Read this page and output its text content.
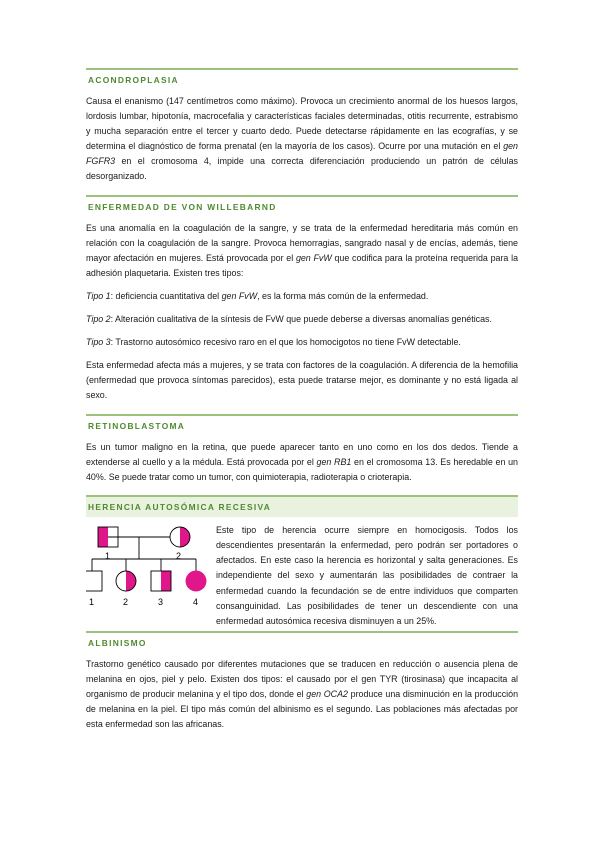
ACONDROPLASIA

Causa el enanismo (147 centímetros como máximo). Provoca un crecimiento anormal de los huesos largos, lordosis lumbar, hipotonía, macrocefalia y características faciales determinadas, otitis recurrente, estrabismo y mucha separación entre el tercer y cuarto dedo. Puede detectarse rápidamente en las ecografías, y se determina el diagnóstico de forma prenatal (en la mayoría de los casos). Ocurre por una mutación en el gen FGFR3 en el cromosoma 4, impide una correcta diferenciación produciendo un patrón de células desorganizado.

ENFERMEDAD DE VON WILLEBARND

Es una anomalía en la coagulación de la sangre, y se trata de la enfermedad hereditaria más común en relación con la coagulación de la sangre. Provoca hemorragias, sangrado nasal y de encías, además, tiene mayor afectación en mujeres. Está provocada por el gen FvW que codifica para la proteína requerida para la adhesión plaquetaria. Existen tres tipos:

Tipo 1: deficiencia cuantitativa del gen FvW, es la forma más común de la enfermedad.

Tipo 2: Alteración cualitativa de la síntesis de FvW que puede deberse a diversas anomalías genéticas.

Tipo 3: Trastorno autosómico recesivo raro en el que los homocigotos no tiene FvW detectable.

Esta enfermedad afecta más a mujeres, y se trata con factores de la coagulación. A diferencia de la hemofilia (enfermedad que provoca síntomas parecidos), esta puede tratarse mejor, es dominante y no está ligada al sexo.

RETINOBLASTOMA

Es un tumor maligno en la retina, que puede aparecer tanto en uno como en los dos dedos. Tiende a extenderse al cuello y a la médula. Está provocada por el gen RB1 en el cromosoma 13. Es heredable en un 40%. Se puede tratar como un tumor, con quimioterapia, radioterapia o crioterapia.

HERENCIA AUTOSÓMICA RECESIVA
1	2
1	2	3	4

Este tipo de herencia ocurre siempre en homocigosis. Todos los descendientes presentarán la enfermedad, pero podrán ser portadores o afectados. En este caso la herencia es horizontal y salta generaciones. Es independiente del sexo y aumentarán las posibilidades de contraer la enfermedad cuando la fecundación se de entre individuos que comparten consanguinidad. Las posibilidades de tener un descendiente con una enfermedad autosómica recesiva disminuyen a un 25%.

ALBINISMO

Trastorno genético causado por diferentes mutaciones que se traducen en reducción o ausencia plena de melanina en ojos, piel y pelo. Existen dos tipos: el causado por el gen TYR (tirosinasa) que incapacita al organismo de producir melanina y el tipo dos, donde el gen OCA2 produce una disminución en la producción de melanina en la piel. El tipo más común del albinismo es el segundo. Las poblaciones más afectadas por esta enfermedad son las africanas.
